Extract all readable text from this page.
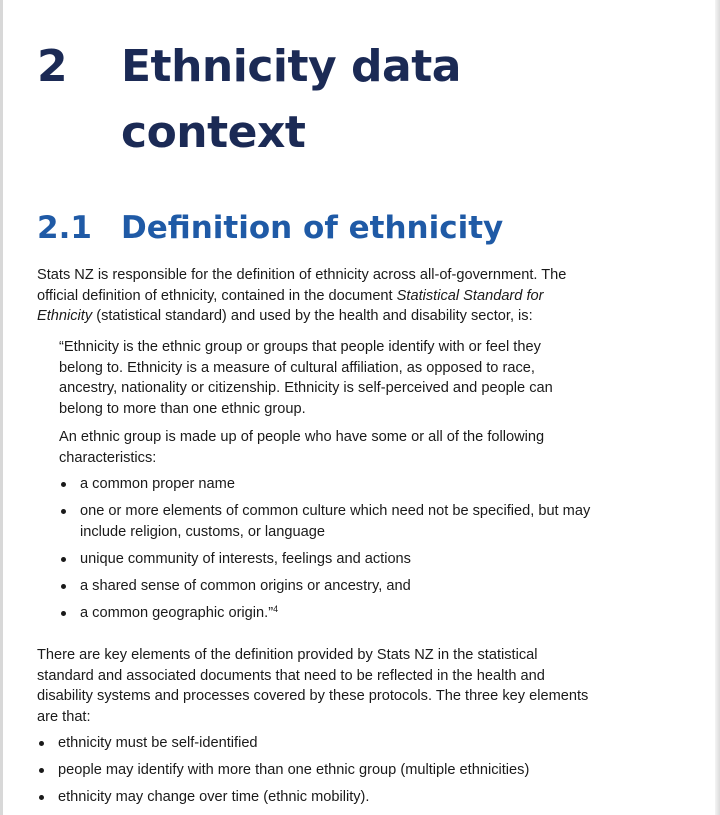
2 Ethnicity data context
2.1 Definition of ethnicity
Stats NZ is responsible for the definition of ethnicity across all-of-government. The
official definition of ethnicity, contained in the document Statistical Standard for
Ethnicity (statistical standard) and used by the health and disability sector, is:
“Ethnicity is the ethnic group or groups that people identify with or feel they
belong to. Ethnicity is a measure of cultural affiliation, as opposed to race,
ancestry, nationality or citizenship. Ethnicity is self-perceived and people can
belong to more than one ethnic group.
An ethnic group is made up of people who have some or all of the following
characteristics:
a common proper name
one or more elements of common culture which need not be specified, but may include religion, customs, or language
unique community of interests, feelings and actions
a shared sense of common origins or ancestry, and
a common geographic origin.”$^4$
There are key elements of the definition provided by Stats NZ in the statistical
standard and associated documents that need to be reflected in the health and
disability systems and processes covered by these protocols. The three key elements
are that:
ethnicity must be self-identified
people may identify with more than one ethnic group (multiple ethnicities)
ethnicity may change over time (ethnic mobility).
